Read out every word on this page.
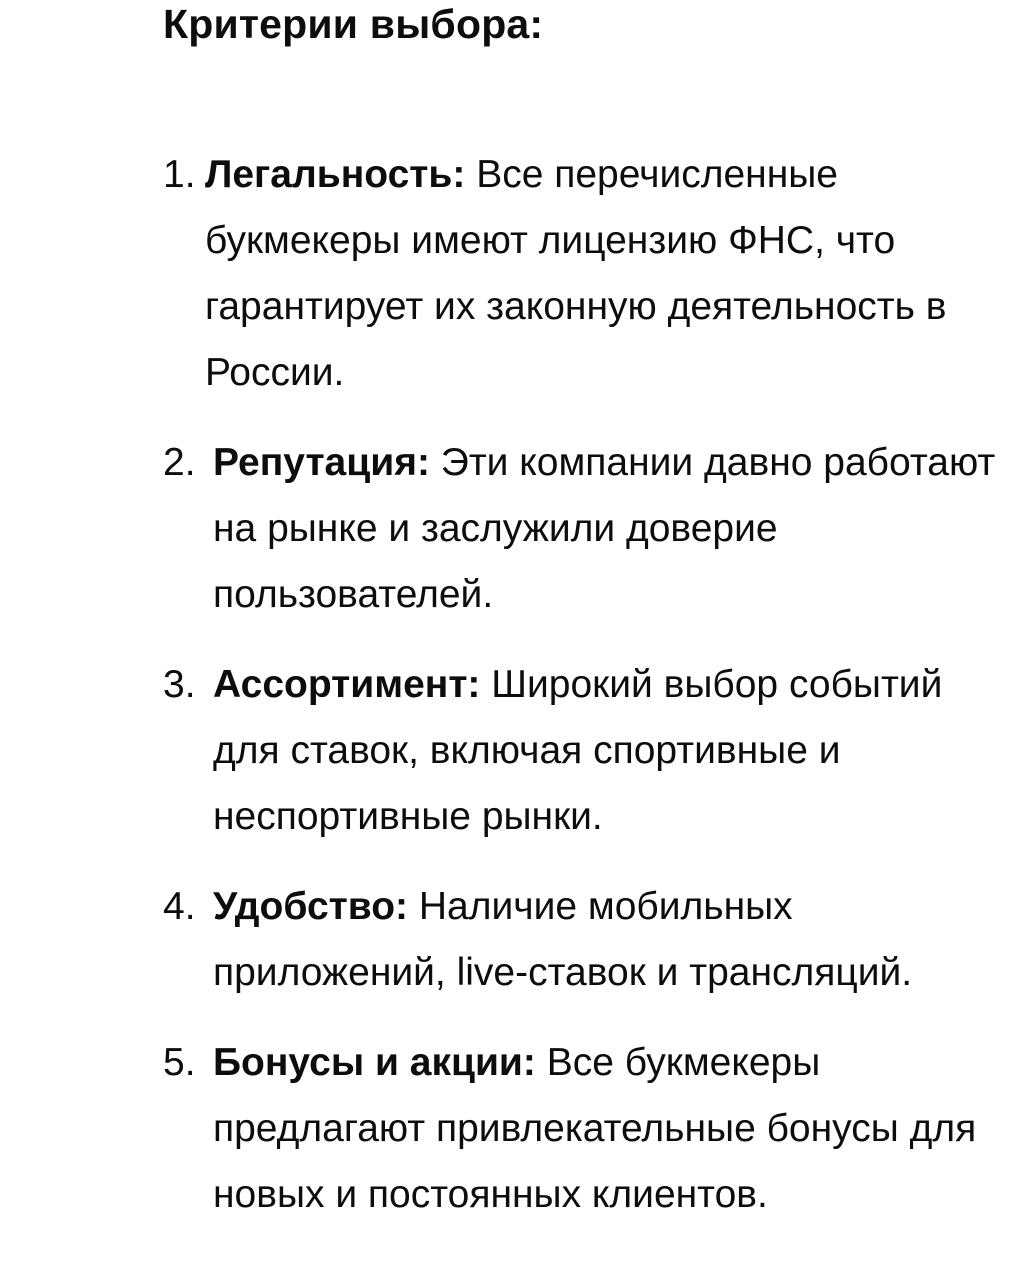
Критерии выбора:
1. Легальность: Все перечисленные букмекеры имеют лицензию ФНС, что гарантирует их законную деятельность в России.
2. Репутация: Эти компании давно работают на рынке и заслужили доверие пользователей.
3. Ассортимент: Широкий выбор событий для ставок, включая спортивные и неспортивные рынки.
4. Удобство: Наличие мобильных приложений, live-ставок и трансляций.
5. Бонусы и акции: Все букмекеры предлагают привлекательные бонусы для новых и постоянных клиентов.
